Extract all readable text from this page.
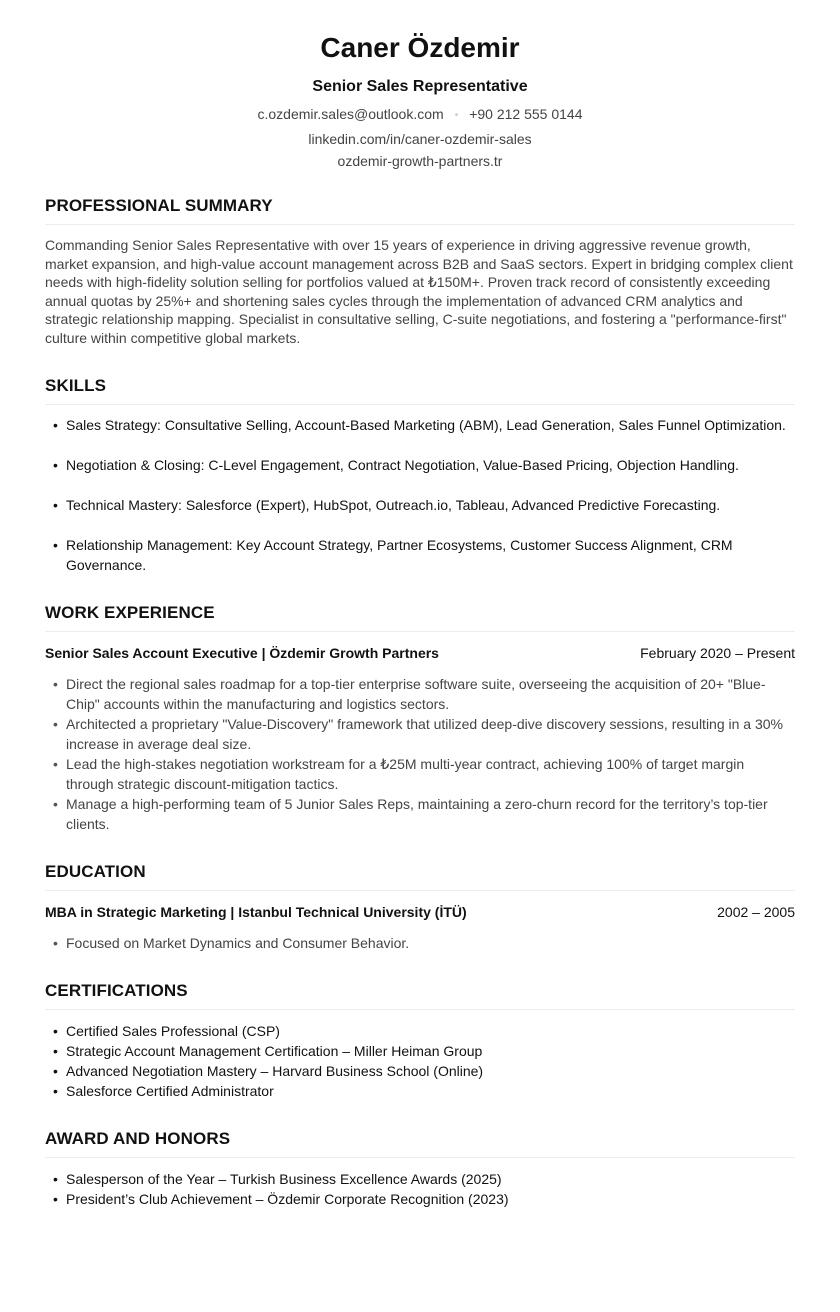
Caner Özdemir
Senior Sales Representative
c.ozdemir.sales@outlook.com • +90 212 555 0144
linkedin.com/in/caner-ozdemir-sales
ozdemir-growth-partners.tr
PROFESSIONAL SUMMARY

Commanding Senior Sales Representative with over 15 years of experience in driving aggressive revenue growth, market expansion, and high-value account management across B2B and SaaS sectors. Expert in bridging complex client needs with high-fidelity solution selling for portfolios valued at ₺150M+. Proven track record of consistently exceeding annual quotas by 25%+ and shortening sales cycles through the implementation of advanced CRM analytics and strategic relationship mapping. Specialist in consultative selling, C-suite negotiations, and fostering a "performance-first" culture within competitive global markets.

SKILLS
• Sales Strategy: Consultative Selling, Account-Based Marketing (ABM), Lead Generation, Sales Funnel Optimization.
• Negotiation & Closing: C-Level Engagement, Contract Negotiation, Value-Based Pricing, Objection Handling.
• Technical Mastery: Salesforce (Expert), HubSpot, Outreach.io, Tableau, Advanced Predictive Forecasting.
• Relationship Management: Key Account Strategy, Partner Ecosystems, Customer Success Alignment, CRM Governance.
WORK EXPERIENCE
Senior Sales Account Executive | Özdemir Growth Partners	February 2020 – Present
• Direct the regional sales roadmap for a top-tier enterprise software suite, overseeing the acquisition of 20+ "Blue-Chip" accounts within the manufacturing and logistics sectors.
• Architected a proprietary "Value-Discovery" framework that utilized deep-dive discovery sessions, resulting in a 30% increase in average deal size.
• Lead the high-stakes negotiation workstream for a ₺25M multi-year contract, achieving 100% of target margin through strategic discount-mitigation tactics.
• Manage a high-performing team of 5 Junior Sales Reps, maintaining a zero-churn record for the territory’s top-tier clients.
EDUCATION
MBA in Strategic Marketing | Istanbul Technical University (İTÜ)	2002 – 2005
• Focused on Market Dynamics and Consumer Behavior.
CERTIFICATIONS
• Certified Sales Professional (CSP)
• Strategic Account Management Certification – Miller Heiman Group
• Advanced Negotiation Mastery – Harvard Business School (Online)
• Salesforce Certified Administrator
AWARD AND HONORS
• Salesperson of the Year – Turkish Business Excellence Awards (2025)
• President’s Club Achievement – Özdemir Corporate Recognition (2023)
